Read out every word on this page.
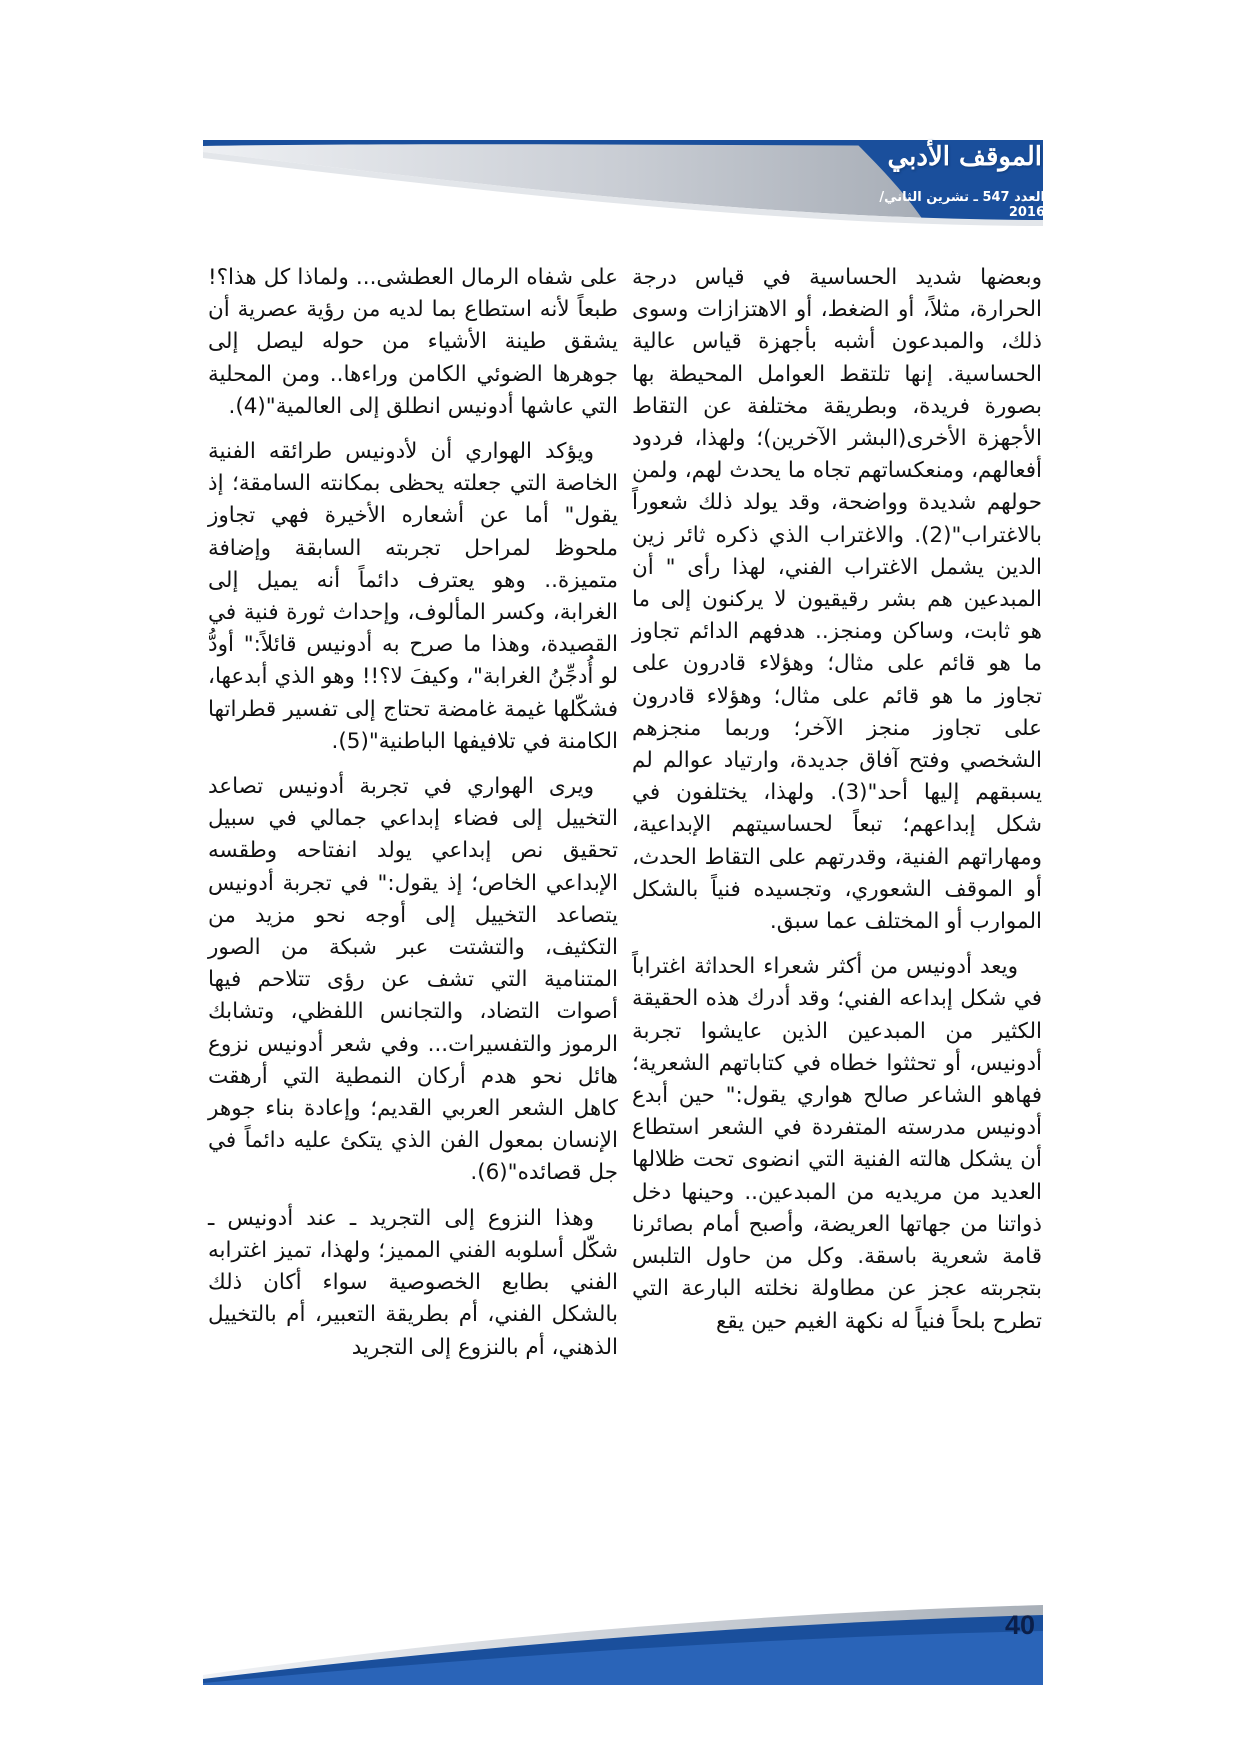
الموقف الأدبي
العدد 547 ـ تشرين الثاني/ 2016

وبعضها شديد الحساسية في قياس درجة الحرارة، مثلاً، أو الضغط، أو الاهتزازات وسوى ذلك، والمبدعون أشبه بأجهزة قياس عالية الحساسية. إنها تلتقط العوامل المحيطة بها بصورة فريدة، وبطريقة مختلفة عن التقاط الأجهزة الأخرى(البشر الآخرين)؛ ولهذا، فردود أفعالهم، ومنعكساتهم تجاه ما يحدث لهم، ولمن حولهم شديدة وواضحة، وقد يولد ذلك شعوراً بالاغتراب"(2). والاغتراب الذي ذكره ثائر زين الدين يشمل الاغتراب الفني، لهذا رأى " أن المبدعين هم بشر رقيقيون لا يركنون إلى ما هو ثابت، وساكن ومنجز.. هدفهم الدائم تجاوز ما هو قائم على مثال؛ وهؤلاء قادرون على تجاوز ما هو قائم على مثال؛ وهؤلاء قادرون على تجاوز منجز الآخر؛ وربما منجزهم الشخصي وفتح آفاق جديدة، وارتياد عوالم لم يسبقهم إليها أحد"(3). ولهذا، يختلفون في شكل إبداعهم؛ تبعاً لحساسيتهم الإبداعية، ومهاراتهم الفنية، وقدرتهم على التقاط الحدث، أو الموقف الشعوري، وتجسيده فنياً بالشكل الموارب أو المختلف عما سبق.

ويعد أدونيس من أكثر شعراء الحداثة اغتراباً في شكل إبداعه الفني؛ وقد أدرك هذه الحقيقة الكثير من المبدعين الذين عايشوا تجربة أدونيس، أو تحثثوا خطاه في كتاباتهم الشعرية؛ فهاهو الشاعر صالح هواري يقول:" حين أبدع أدونيس مدرسته المتفردة في الشعر استطاع أن يشكل هالته الفنية التي انضوى تحت ظلالها العديد من مريديه من المبدعين.. وحينها دخل ذواتنا من جهاتها العريضة، وأصبح أمام بصائرنا قامة شعرية باسقة. وكل من حاول التلبس بتجربته عجز عن مطاولة نخلته البارعة التي تطرح بلحاً فنياً له نكهة الغيم حين يقع

على شفاه الرمال العطشى... ولماذا كل هذا؟! طبعاً لأنه استطاع بما لديه من رؤية عصرية أن يشقق طينة الأشياء من حوله ليصل إلى جوهرها الضوئي الكامن وراءها.. ومن المحلية التي عاشها أدونيس انطلق إلى العالمية"(4).

ويؤكد الهواري أن لأدونيس طرائقه الفنية الخاصة التي جعلته يحظى بمكانته السامقة؛ إذ يقول" أما عن أشعاره الأخيرة فهي تجاوز ملحوظ لمراحل تجربته السابقة وإضافة متميزة.. وهو يعترف دائماً أنه يميل إلى الغرابة، وكسر المألوف، وإحداث ثورة فنية في القصيدة، وهذا ما صرح به أدونيس قائلاً:" أودُّ لو أُدجِّنُ الغرابة"، وكيفَ لا؟!! وهو الذي أبدعها، فشكّلها غيمة غامضة تحتاج إلى تفسير قطراتها الكامنة في تلافيفها الباطنية"(5).

ويرى الهواري في تجربة أدونيس تصاعد التخييل إلى فضاء إبداعي جمالي في سبيل تحقيق نص إبداعي يولد انفتاحه وطقسه الإبداعي الخاص؛ إذ يقول:" في تجربة أدونيس يتصاعد التخييل إلى أوجه نحو مزيد من التكثيف، والتشتت عبر شبكة من الصور المتنامية التي تشف عن رؤى تتلاحم فيها أصوات التضاد، والتجانس اللفظي، وتشابك الرموز والتفسيرات... وفي شعر أدونيس نزوع هائل نحو هدم أركان النمطية التي أرهقت كاهل الشعر العربي القديم؛ وإعادة بناء جوهر الإنسان بمعول الفن الذي يتكئ عليه دائماً في جل قصائده"(6).

وهذا النزوع إلى التجريد ـ عند أدونيس ـ شكّل أسلوبه الفني المميز؛ ولهذا، تميز اغترابه الفني بطابع الخصوصية سواء أكان ذلك بالشكل الفني، أم بطريقة التعبير، أم بالتخييل الذهني، أم بالنزوع إلى التجريد

40
